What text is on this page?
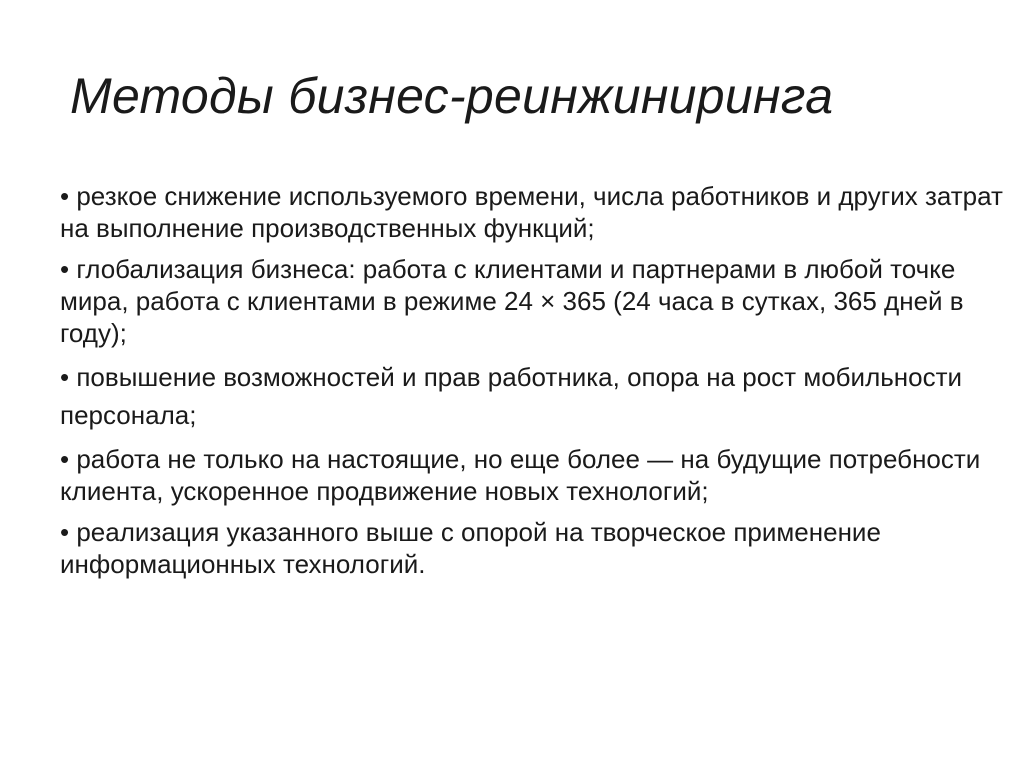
Методы бизнес-реинжиниринга
• резкое снижение используемого времени, числа работников и других затрат на выполнение производственных функций;
• глобализация бизнеса: работа с клиентами и партнерами в любой точке мира, работа с клиентами в режиме 24 × 365 (24 часа в сутках, 365 дней в году);
• повышение возможностей и прав работника, опора на рост мобильности персонала;
• работа не только на настоящие, но еще более — на будущие потребности клиента, ускоренное продвижение новых технологий;
• реализация указанного выше с опорой на творческое применение информационных технологий.
